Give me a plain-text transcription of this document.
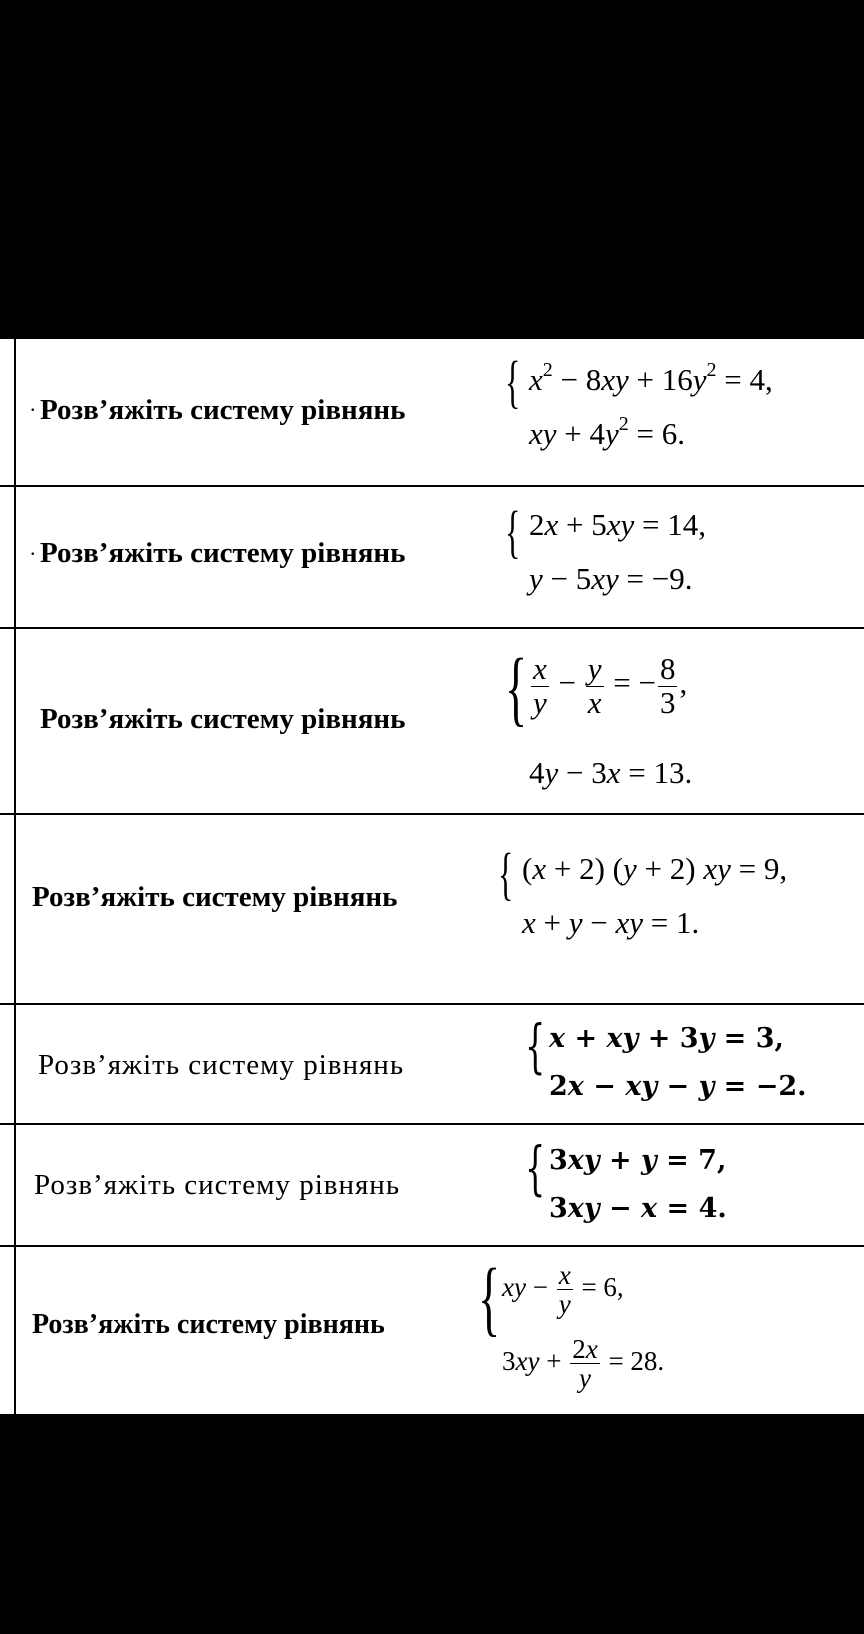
. Розв’яжіть систему рівнянь { $x^2 - 8xy + 16y^2 = 4$,
xy + $4y^2 = 6$.
. Розв’яжіть систему рівнянь { 2x + 5xy = 14,
y − 5xy = −9.
Розв’яжіть систему рівнянь { $\frac{x}{y} - \frac{y}{x}$ = − $\frac{8}{3}$ ,
4y − 3x = 13.
Розв’яжіть систему рівнянь { (x + 2) (y + 2) xy = 9,
x + y − xy = 1.
Розв’яжіть систему рівнянь { x + xy + 3y = 3,
2x − xy − y = −2.
Розв’яжіть систему рівнянь { 3xy + y = 7,
3xy − x = 4.
Розв’яжіть систему рівнянь { xy − $\frac{x}{y} = 6$,
$3xy + \frac{2x}{y} = 28$.
